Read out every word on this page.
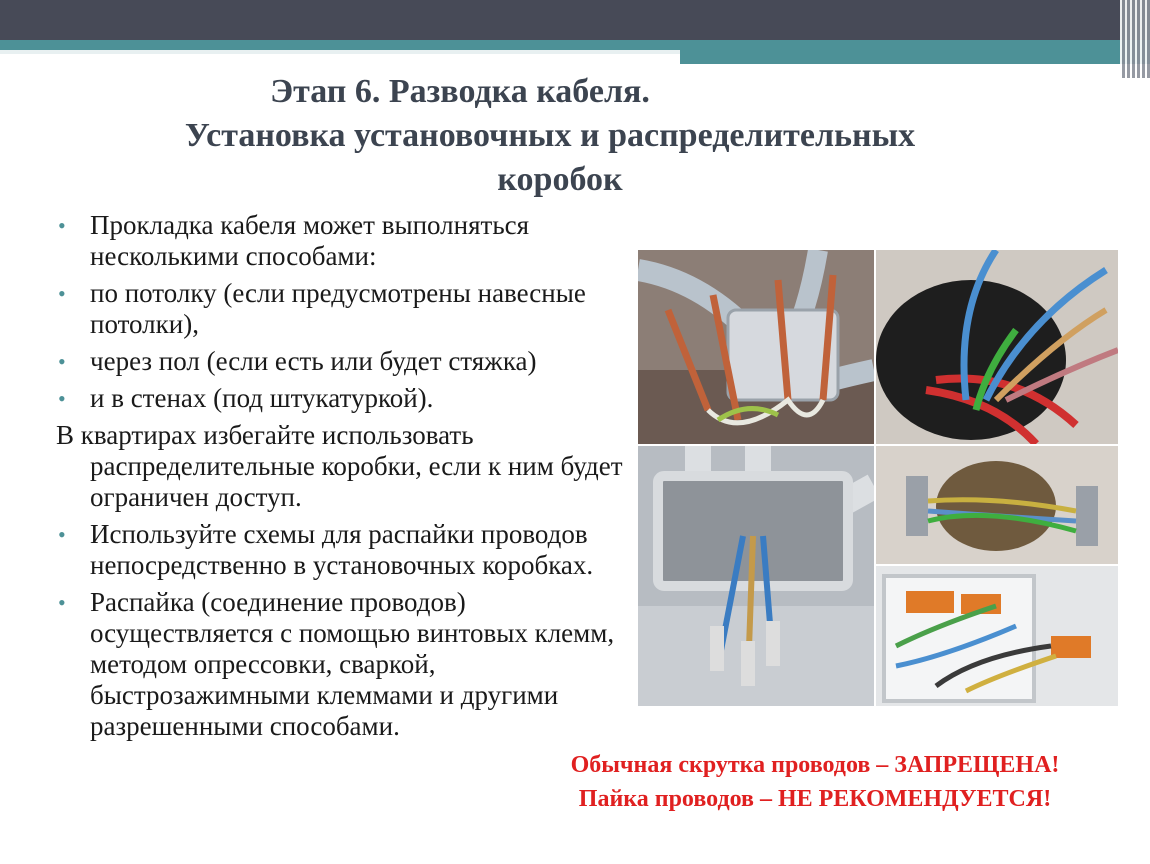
Этап 6. Разводка кабеля.
Установка установочных и распределительных
коробок

• Прокладка кабеля может выполняться несколькими способами:

• по потолку (если предусмотрены навесные потолки),

• через пол (если есть или будет стяжка)

• и в стенах (под штукатуркой).

В квартирах избегайте использовать распределительные коробки, если к ним будет ограничен доступ.

• Используйте схемы для распайки проводов непосредственно в установочных коробках.

• Распайка (соединение проводов) осуществляется с помощью винтовых клемм, методом опрессовки, сваркой, быстрозажимными клеммами и другими разрешенными способами.

Обычная скрутка проводов – ЗАПРЕЩЕНА!
Пайка проводов – НЕ РЕКОМЕНДУЕТСЯ!
